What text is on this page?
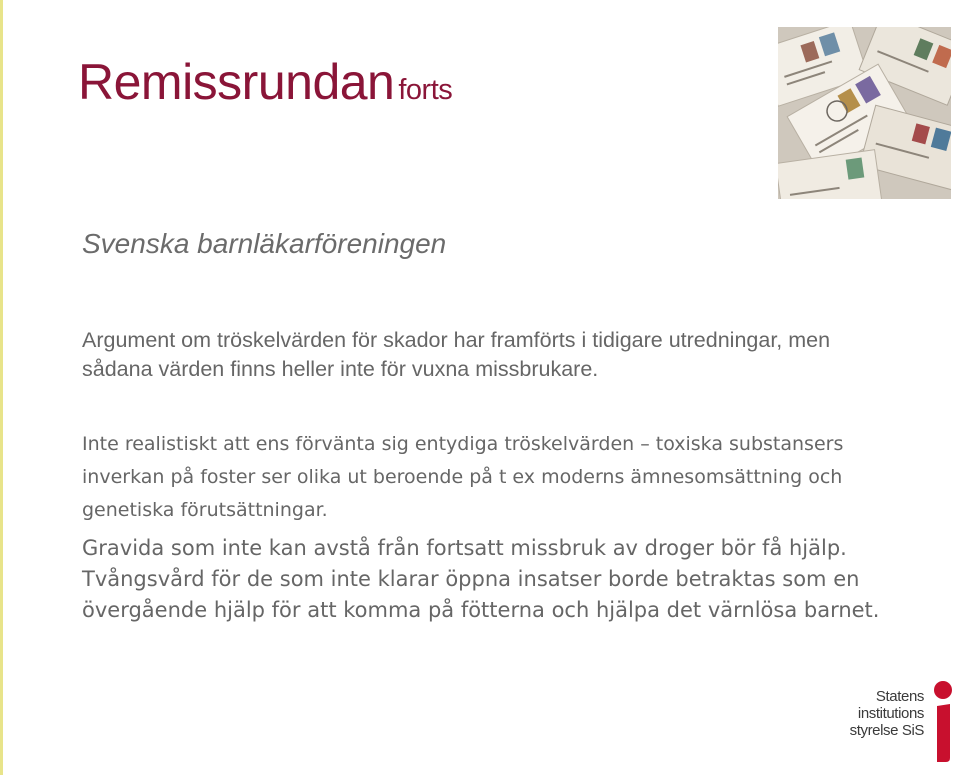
Remissrundan forts
Svenska barnläkarföreningen

Argument om tröskelvärden för skador har framförts i tidigare utredningar, men sådana värden finns heller inte för vuxna missbrukare.

Inte realistiskt att ens förvänta sig entydiga tröskelvärden – toxiska substansers inverkan på foster ser olika ut beroende på t ex moderns ämnesomsättning och genetiska förutsättningar.

Gravida som inte kan avstå från fortsatt missbruk av droger bör få hjälp. Tvångsvård för de som inte klarar öppna insatser borde betraktas som en övergående hjälp för att komma på fötterna och hjälpa det värnlösa barnet.

Statens
institutions
styrelse SiS
